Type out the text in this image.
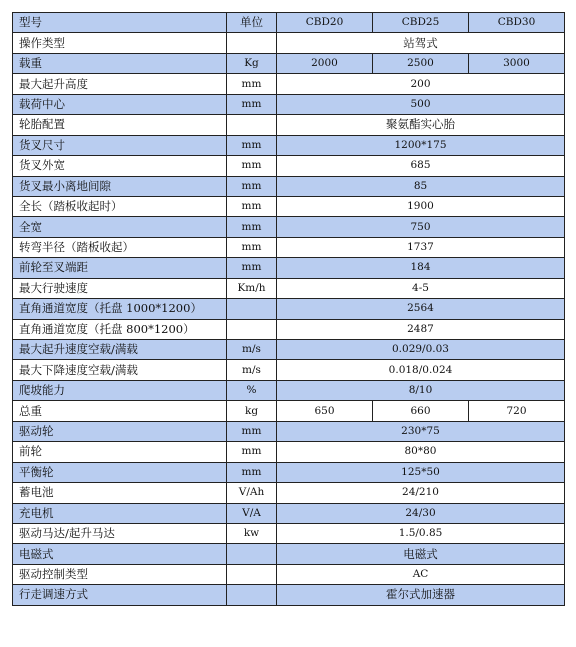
型号	单位	CBD20	CBD25	CBD30
操作类型		站驾式		
载重	Kg	2000	2500	3000
最大起升高度	mm	200		
载荷中心	mm	500		
轮胎配置		聚氨酯实心胎		
货叉尺寸	mm	1200*175		
货叉外宽	mm	685		
货叉最小离地间隙	mm	85		
全长（踏板收起时）	mm	1900		
全宽	mm	750		
转弯半径（踏板收起）	mm	1737		
前轮至叉端距	mm	184		
最大行驶速度	Km/h	4-5		
直角通道宽度（托盘 1000*1200）		2564		
直角通道宽度（托盘 800*1200）		2487		
最大起升速度空载/满载	m/s	0.029/0.03		
最大下降速度空载/满载	m/s	0.018/0.024		
爬坡能力	%	8/10		
总重	kg	650	660	720
驱动轮	mm	230*75		
前轮	mm	80*80		
平衡轮	mm	125*50		
蓄电池	V/Ah	24/210		
充电机	V/A	24/30		
驱动马达/起升马达	kw	1.5/0.85		
电磁式		电磁式		
驱动控制类型		AC		
行走调速方式		霍尔式加速器		
